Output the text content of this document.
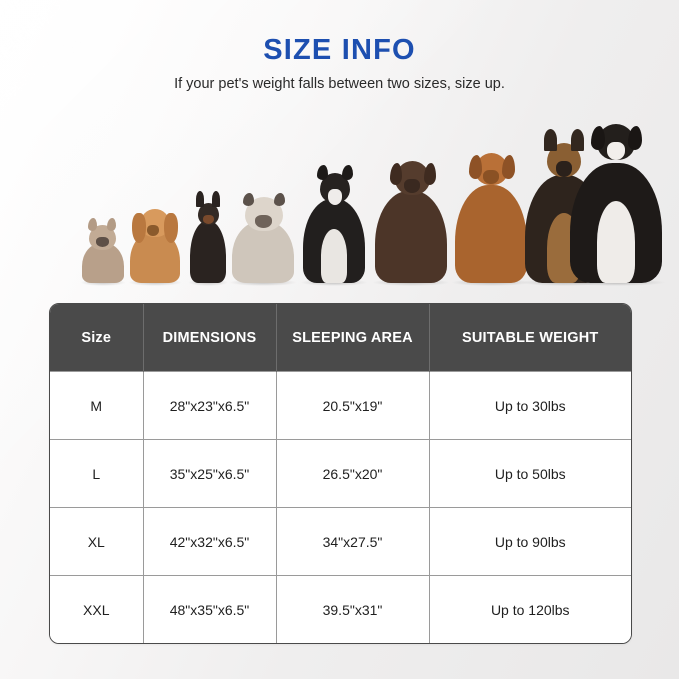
SIZE INFO
If your pet's weight falls between two sizes, size up.
Size	DIMENSIONS	SLEEPING AREA	SUITABLE WEIGHT
M	28"x23"x6.5"	20.5"x19"	Up to 30lbs
L	35"x25"x6.5"	26.5"x20"	Up to 50lbs
XL	42"x32"x6.5"	34"x27.5"	Up to 90lbs
XXL	48"x35"x6.5"	39.5"x31"	Up to 120lbs
